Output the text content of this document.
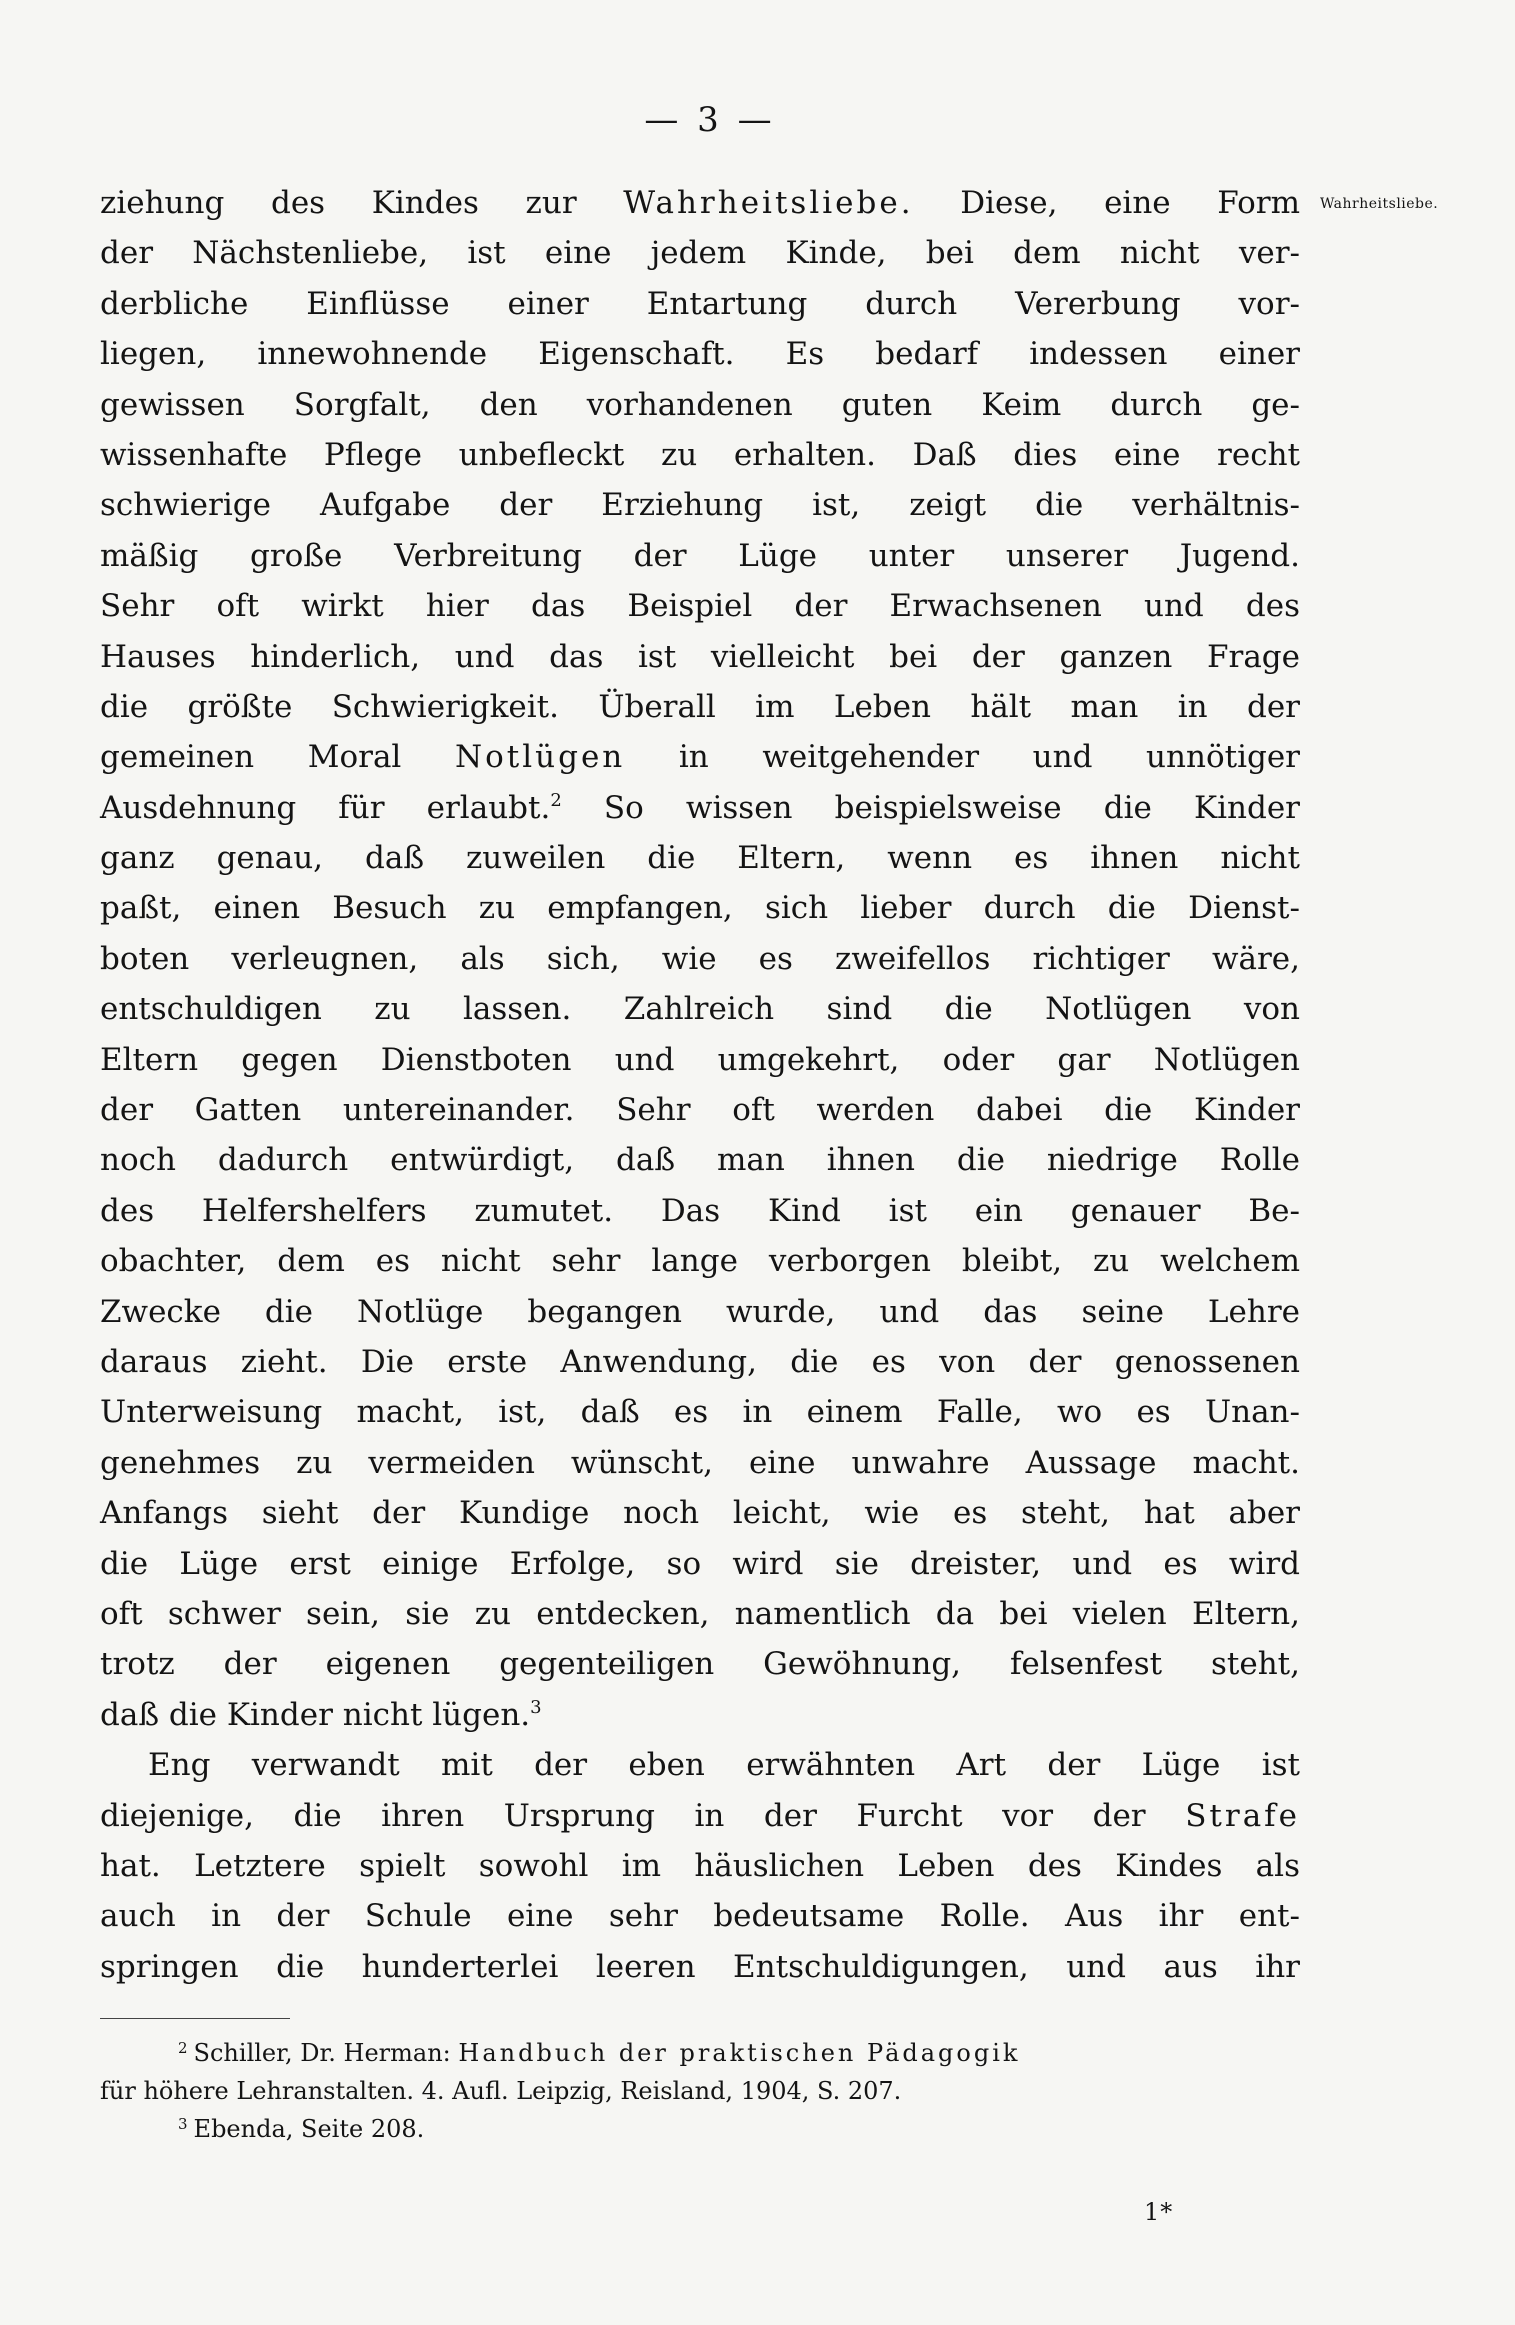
— 3 —
Wahrheitsliebe.
ziehung des Kindes zur Wahrheitsliebe. Diese, eine Form
der Nächstenliebe, ist eine jedem Kinde, bei dem nicht ver-
derbliche Einflüsse einer Entartung durch Vererbung vor-
liegen, innewohnende Eigenschaft. Es bedarf indessen einer
gewissen Sorgfalt, den vorhandenen guten Keim durch ge-
wissenhafte Pflege unbefleckt zu erhalten. Daß dies eine recht
schwierige Aufgabe der Erziehung ist, zeigt die verhältnis-
mäßig große Verbreitung der Lüge unter unserer Jugend.
Sehr oft wirkt hier das Beispiel der Erwachsenen und des
Hauses hinderlich, und das ist vielleicht bei der ganzen Frage
die größte Schwierigkeit. Überall im Leben hält man in der
gemeinen Moral Notlügen in weitgehender und unnötiger
Ausdehnung für erlaubt.$^2$ So wissen beispielsweise die Kinder
ganz genau, daß zuweilen die Eltern, wenn es ihnen nicht
paßt, einen Besuch zu empfangen, sich lieber durch die Dienst-
boten verleugnen, als sich, wie es zweifellos richtiger wäre,
entschuldigen zu lassen. Zahlreich sind die Notlügen von
Eltern gegen Dienstboten und umgekehrt, oder gar Notlügen
der Gatten untereinander. Sehr oft werden dabei die Kinder
noch dadurch entwürdigt, daß man ihnen die niedrige Rolle
des Helfershelfers zumutet. Das Kind ist ein genauer Be-
obachter, dem es nicht sehr lange verborgen bleibt, zu welchem
Zwecke die Notlüge begangen wurde, und das seine Lehre
daraus zieht. Die erste Anwendung, die es von der genossenen
Unterweisung macht, ist, daß es in einem Falle, wo es Unan-
genehmes zu vermeiden wünscht, eine unwahre Aussage macht.
Anfangs sieht der Kundige noch leicht, wie es steht, hat aber
die Lüge erst einige Erfolge, so wird sie dreister, und es wird
oft schwer sein, sie zu entdecken, namentlich da bei vielen Eltern,
trotz der eigenen gegenteiligen Gewöhnung, felsenfest steht,
daß die Kinder nicht lügen.$^3$
Eng verwandt mit der eben erwähnten Art der Lüge ist
diejenige, die ihren Ursprung in der Furcht vor der Strafe
hat. Letztere spielt sowohl im häuslichen Leben des Kindes als
auch in der Schule eine sehr bedeutsame Rolle. Aus ihr ent-
springen die hunderterlei leeren Entschuldigungen, und aus ihr
$^2$ Schiller, Dr. Herman: Handbuch der praktischen Pädagogik
für höhere Lehranstalten. 4. Aufl. Leipzig, Reisland, 1904, S. 207.
$^3$ Ebenda, Seite 208.
1*
